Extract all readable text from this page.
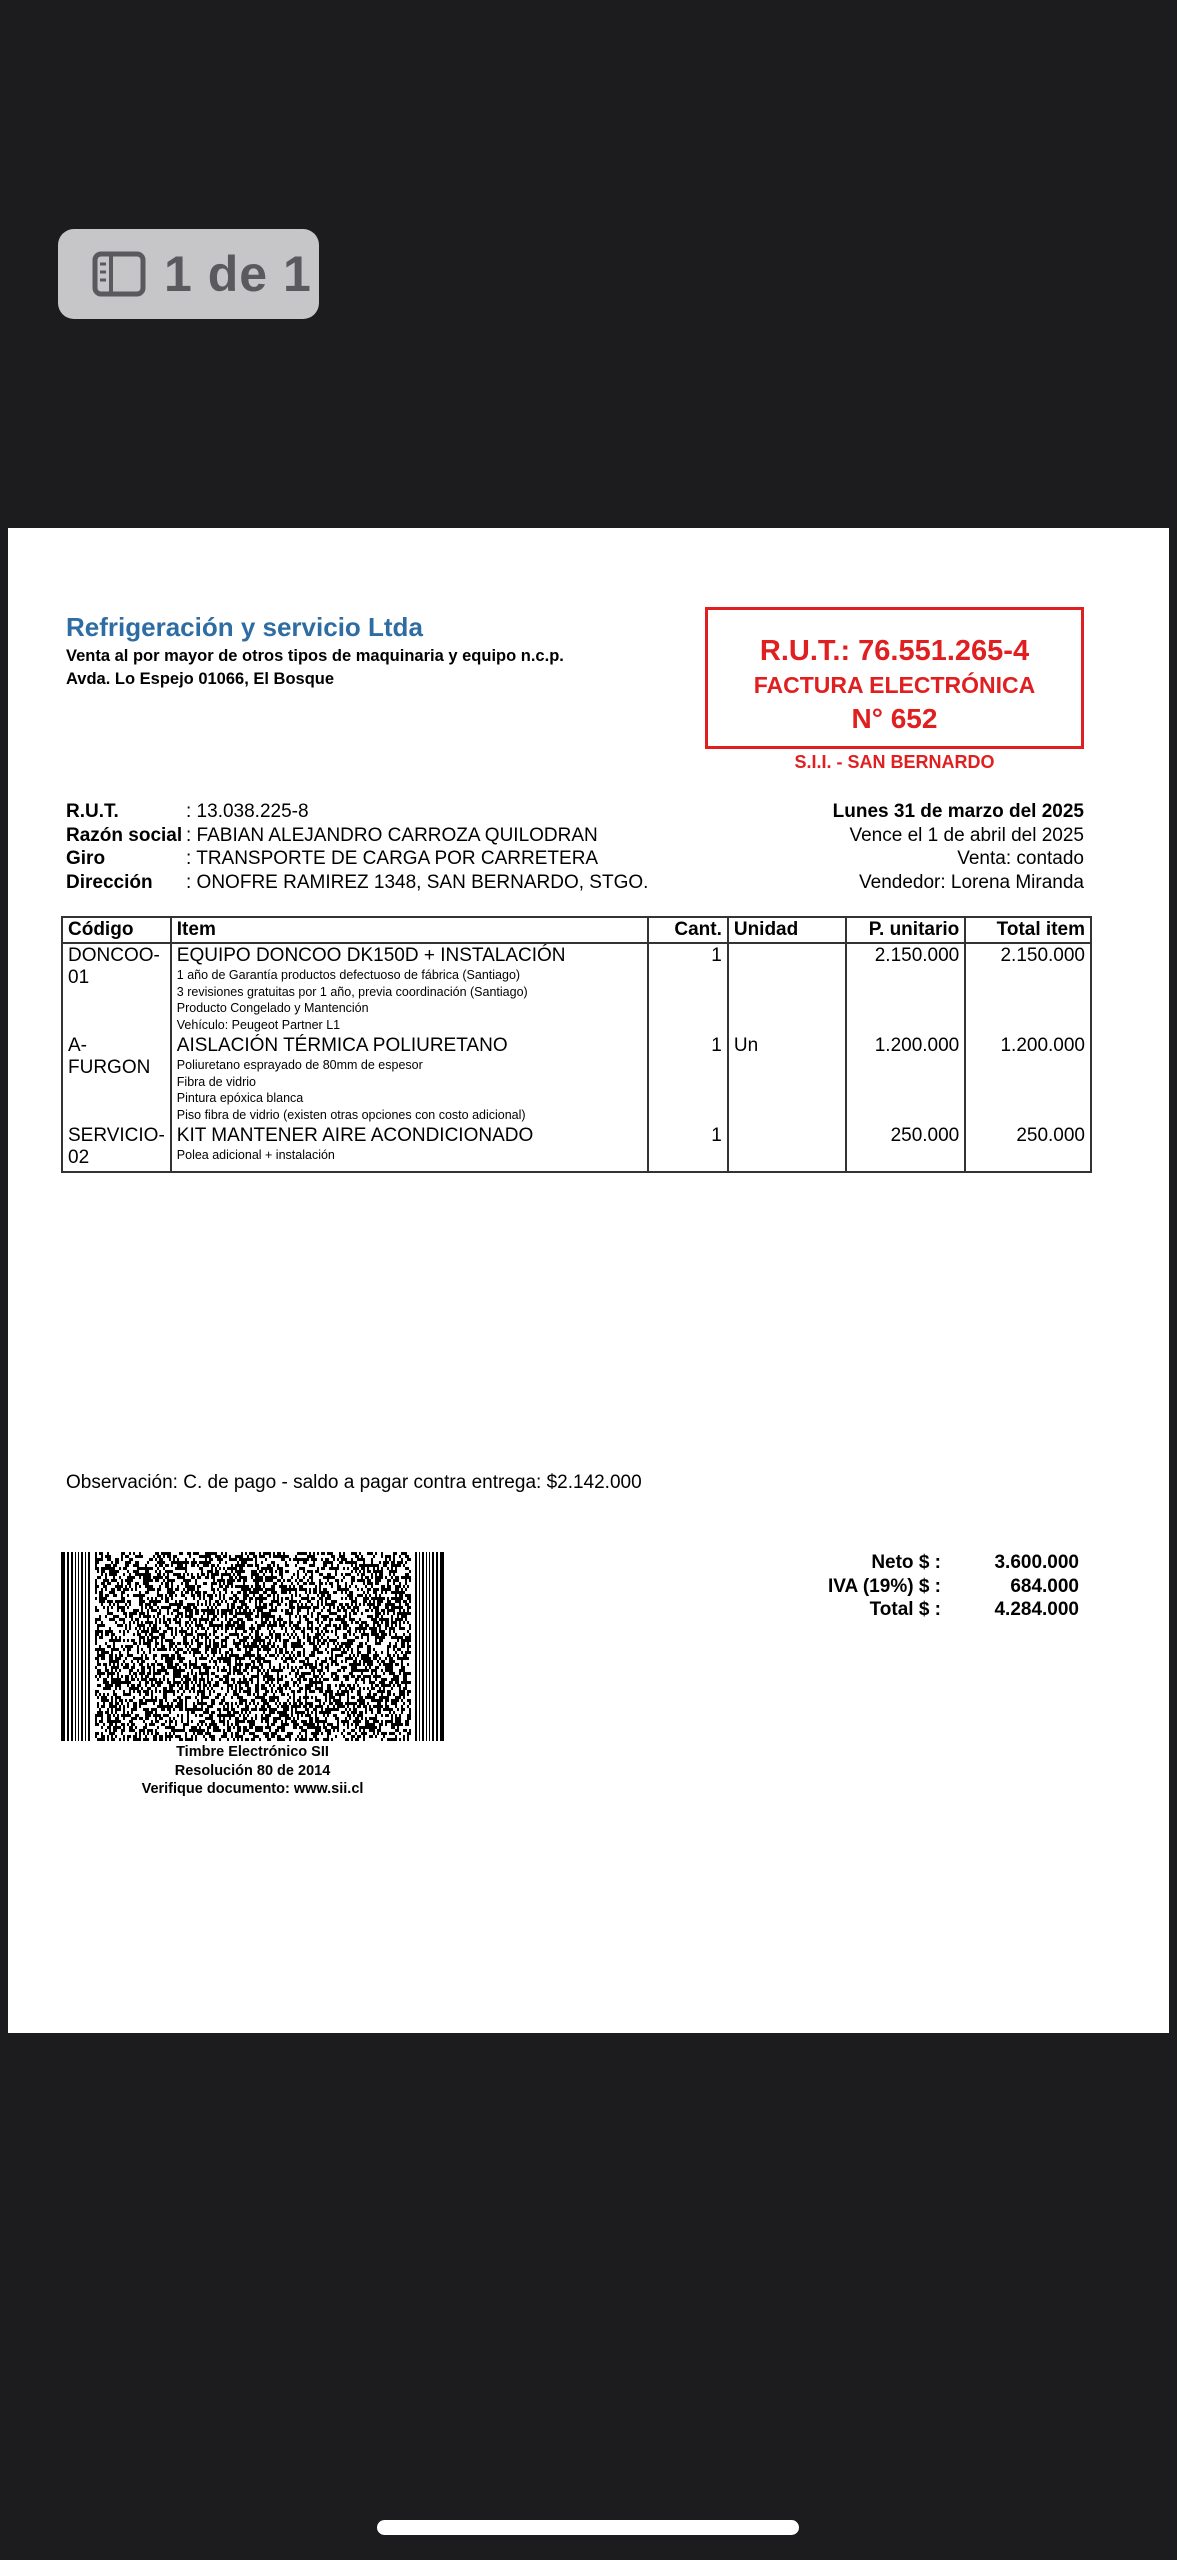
1 de 1
Refrigeración y servicio Ltda
Venta al por mayor de otros tipos de maquinaria y equipo n.c.p.
Avda. Lo Espejo 01066, El Bosque
R.U.T.: 76.551.265-4
FACTURA ELECTRÓNICA
N° 652
S.I.I. - SAN BERNARDO
R.U.T.	: 13.038.225-8
Razón social : FABIAN ALEJANDRO CARROZA QUILODRAN
Giro	: TRANSPORTE DE CARGA POR CARRETERA
Dirección	: ONOFRE RAMIREZ 1348, SAN BERNARDO, STGO.
Lunes 31 de marzo del 2025
Vence el 1 de abril del 2025
Venta: contado
Vendedor: Lorena Miranda
Código	Item	Cant.	Unidad	P. unitario	Total item
DONCOO-01	EQUIPO DONCOO DK150D + INSTALACIÓN
1 año de Garantía productos defectuoso de fábrica (Santiago)
3 revisiones gratuitas por 1 año, previa coordinación (Santiago)
Producto Congelado y Mantención
Vehículo: Peugeot Partner L1	1		2.150.000	2.150.000
A-FURGON	AISLACIÓN TÉRMICA POLIURETANO
Poliuretano esprayado de 80mm de espesor
Fibra de vidrio
Pintura epóxica blanca
Piso fibra de vidrio (existen otras opciones con costo adicional)	1	Un	1.200.000	1.200.000
SERVICIO-02	KIT MANTENER AIRE ACONDICIONADO
Polea adicional + instalación	1		250.000	250.000
Observación: C. de pago - saldo a pagar contra entrega: $2.142.000
Timbre Electrónico SII
Resolución 80 de 2014
Verifique documento: www.sii.cl
Neto $ :	3.600.000
IVA (19%) $ :	684.000
Total $ :	4.284.000
